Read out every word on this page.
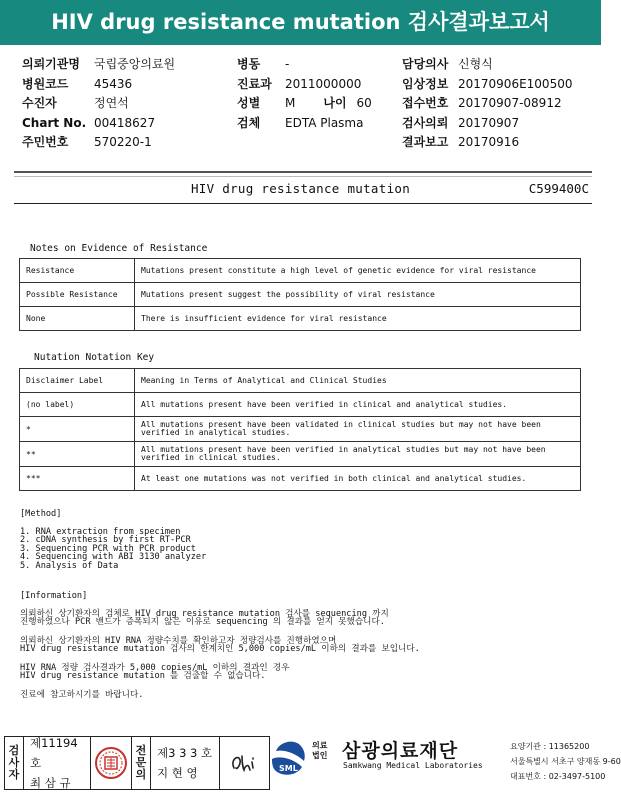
HIV drug resistance mutation 검사결과보고서
의뢰기관명	국립중앙의료원
병원코드	45436
수진자	정연석
Chart No. 00418627
주민번호	570220-1
병동	-
진료과	2011000000
성별	M 나이 60
검체	EDTA Plasma
담당의사 신형식
임상정보 20170906E100500
접수번호 20170907-08912
검사의뢰 20170907
결과보고 20170916
HIV drug resistance mutation	C599400C
Notes on Evidence of Resistance
Resistance	Mutations present constitute a high level of genetic evidence for viral resistance
Possible Resistance	Mutations present suggest the possibility of viral resistance
None	There is insufficient evidence for viral resistance
Nutation Notation Key
Disclaimer Label	Meaning in Terms of Analytical and Clinical Studies
(no label)	All mutations present have been verified in clinical and analytical studies.
*	All mutations present have been validated in clinical studies but may not have been verified in analytical studies.
**	All mutations present have been verified in analytical studies but may not have been verified in clinical studies.
***	At least one mutations was not verified in both clinical and analytical studies.
[Method]
1. RNA extraction from specimen
2. cDNA synthesis by first RT-PCR
3. Sequencing PCR with PCR product
4. Sequencing with ABI 3130 analyzer
5. Analysis of Data
[Information]
의뢰하신 상기환자의 검체로 HIV drug resistance mutation 검사를 sequencing 까지
진행하였으나 PCR 밴드가 증폭되지 않은 이유로 sequencing 의 결과를 얻지 못했습니다.
의뢰하신 상기환자의 HIV RNA 정량수치를 확인하고자 정량검사를 진행하였으며
HIV drug resistance mutation 검사의 한계치인 5,000 copies/mL 이하의 결과를 보입니다.
HIV RNA 정량 검사결과가 5,000 copies/mL 이하의 결과인 경우
HIV drug resistance mutation 를 검출할 수 없습니다.
진료에 참고하시기를 바랍니다.
검
사
자
제11194호
최 삼 규
전
문
의
제3 3 3 호
지 현 영	SML
의료
법인 삼광의료재단
Samkwang Medical Laboratories
요양기관 : 11365200
서울특별시 서초구 양재동 9-60
대표번호 : 02-3497-5100
